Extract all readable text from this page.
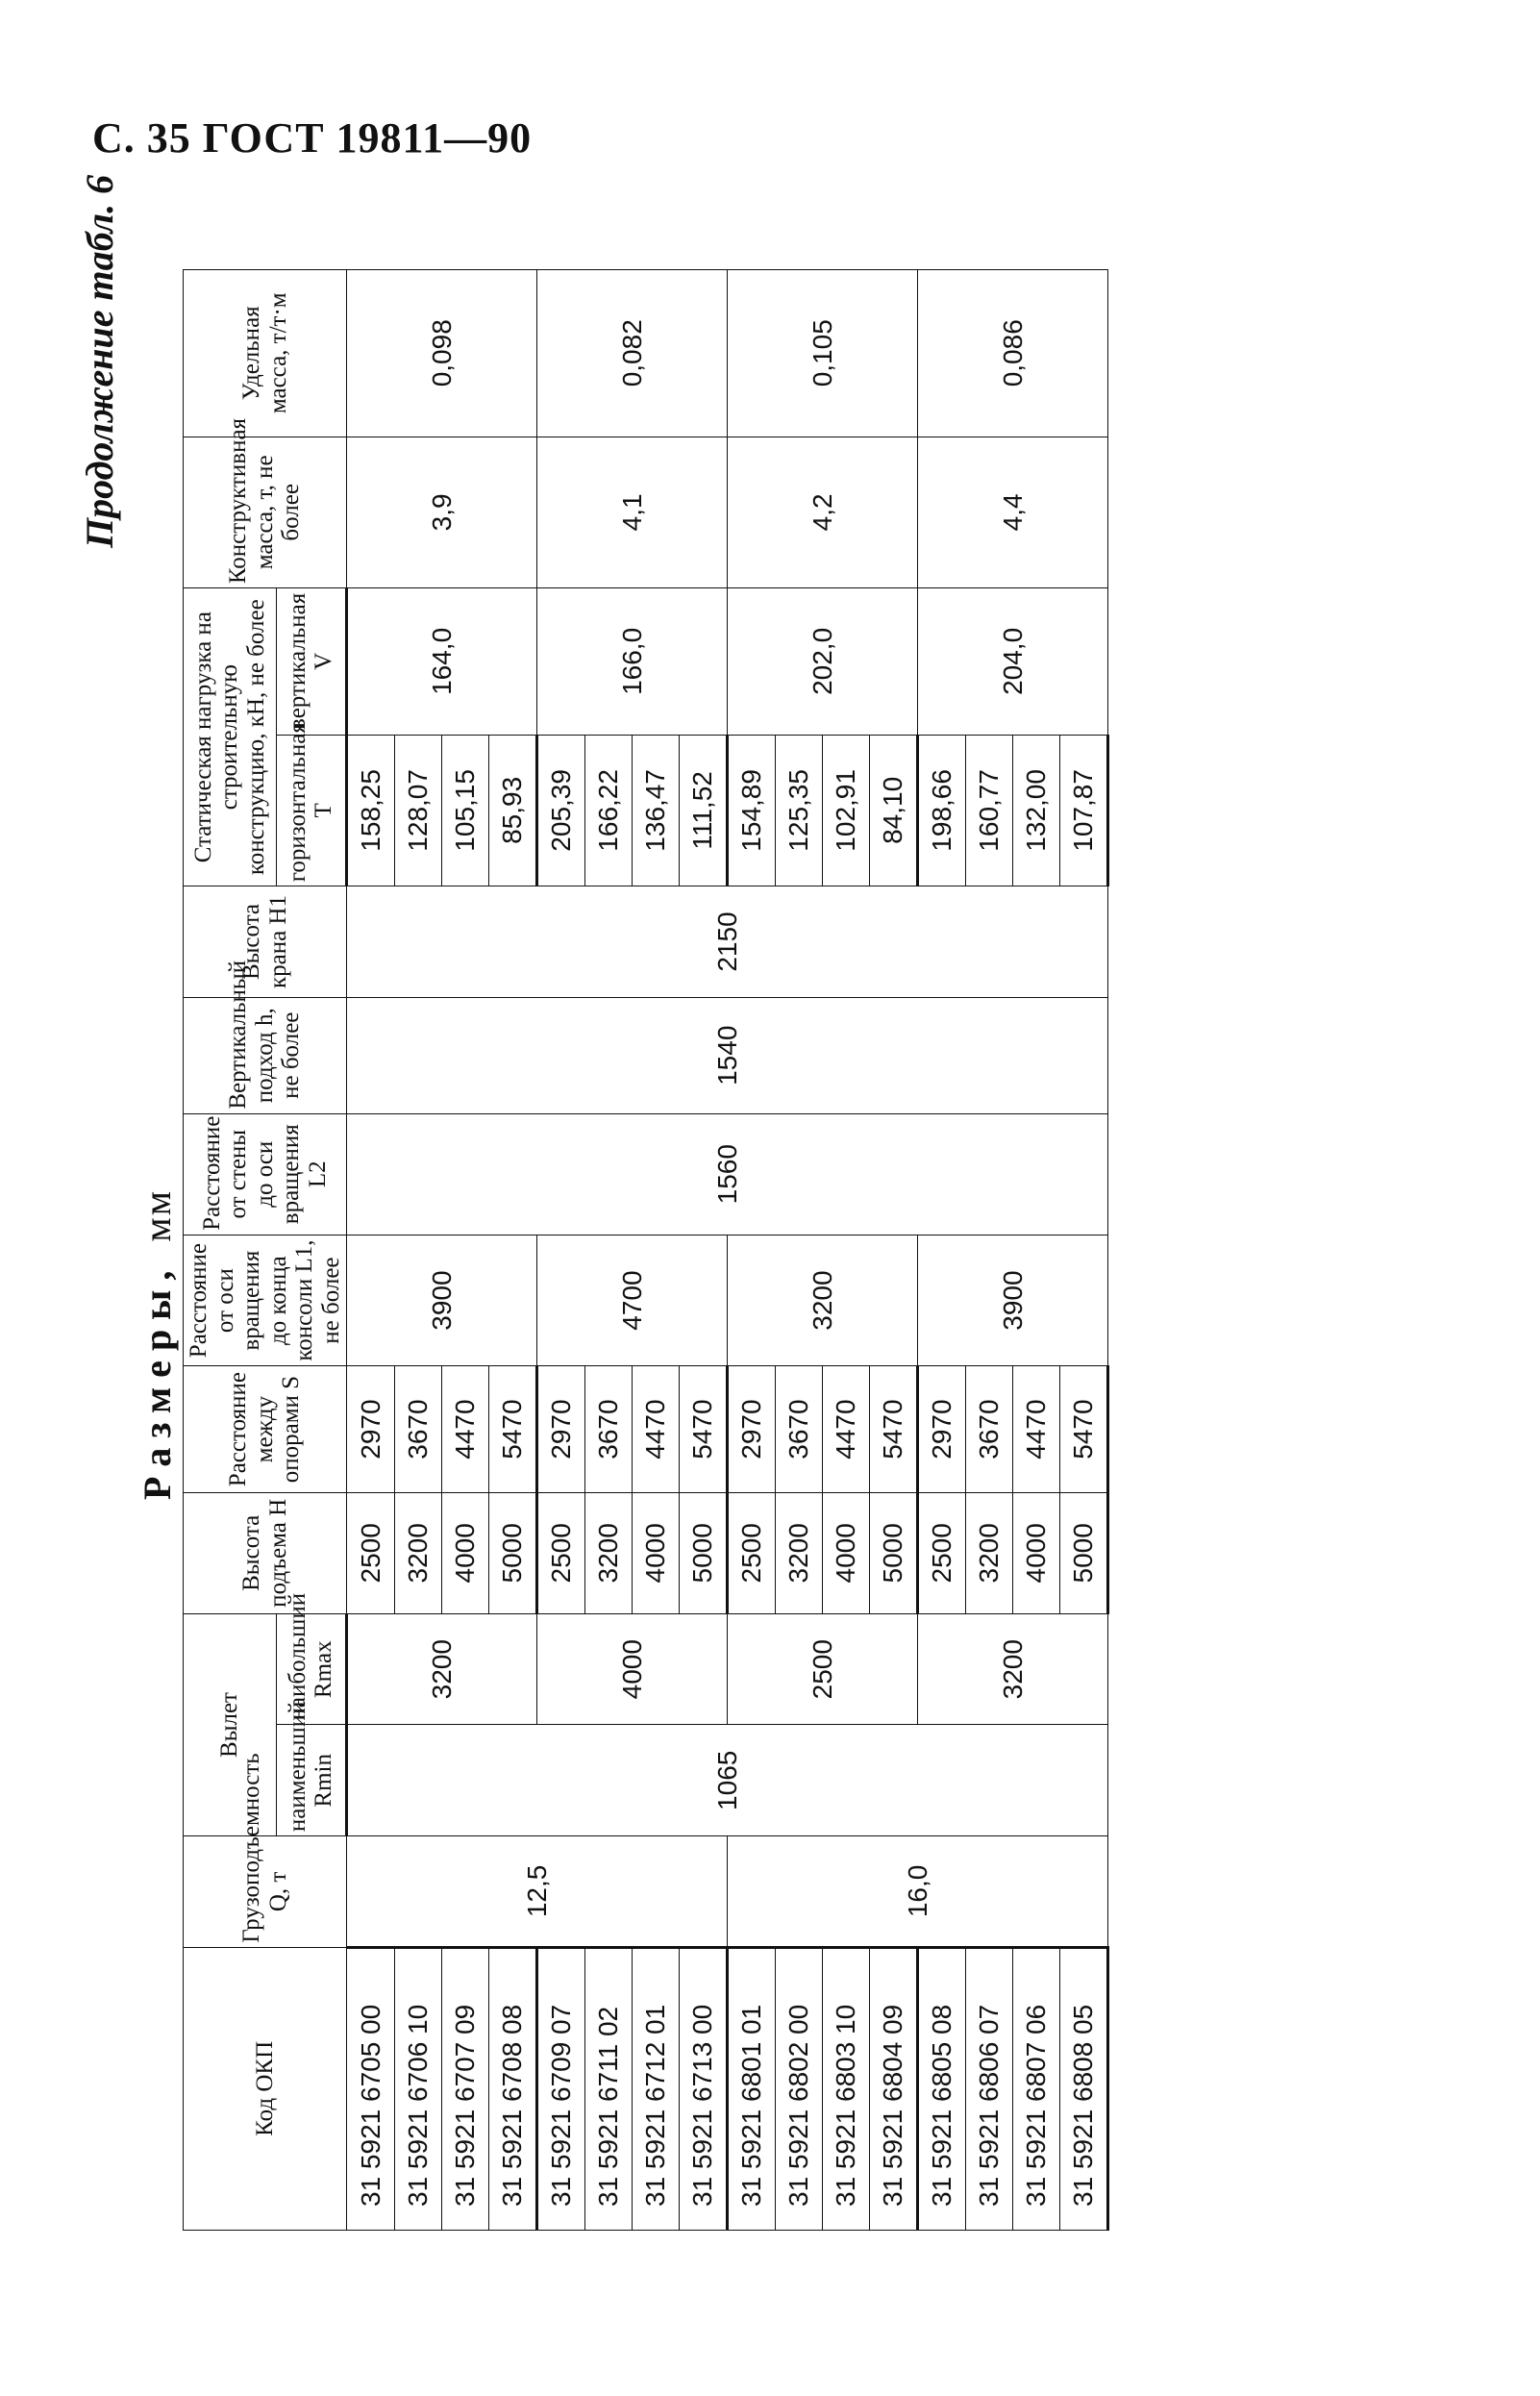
С. 35 ГОСТ 19811—90
Продолжение табл. 6
Размеры, мм
Код ОКП	Грузоподъемность Q, т	Вылет		Высота подъема H	Расстояние между опорами S	Расстояние от оси вращения до конца консоли L1, не более	Расстояние от стены до оси вращения L2	Вертикальный подход h, не более	Высота крана H1	Статическая нагрузка на строительную конструкцию, кН, не более		Конструктивная масса, т, не более	Удельная масса, т/т·м
		наименьший Rmin	наибольший Rmax							горизонтальная T	вертикальная V		
31 5921 6705 00	12,5	1065	3200	2500	2970	3900	1560	1540	2150	158,25	164,0	3,9	0,098
31 5921 6706 10				3200	3670					128,07			
31 5921 6707 09				4000	4470					105,15			
31 5921 6708 08				5000	5470					85,93			
31 5921 6709 07			4000	2500	2970	4700				205,39	166,0	4,1	0,082
31 5921 6711 02				3200	3670					166,22			
31 5921 6712 01				4000	4470					136,47			
31 5921 6713 00				5000	5470					111,52			
31 5921 6801 01	16,0		2500	2500	2970	3200				154,89	202,0	4,2	0,105
31 5921 6802 00				3200	3670					125,35			
31 5921 6803 10				4000	4470					102,91			
31 5921 6804 09				5000	5470					84,10			
31 5921 6805 08			3200	2500	2970	3900				198,66	204,0	4,4	0,086
31 5921 6806 07				3200	3670					160,77			
31 5921 6807 06				4000	4470					132,00			
31 5921 6808 05				5000	5470					107,87			
